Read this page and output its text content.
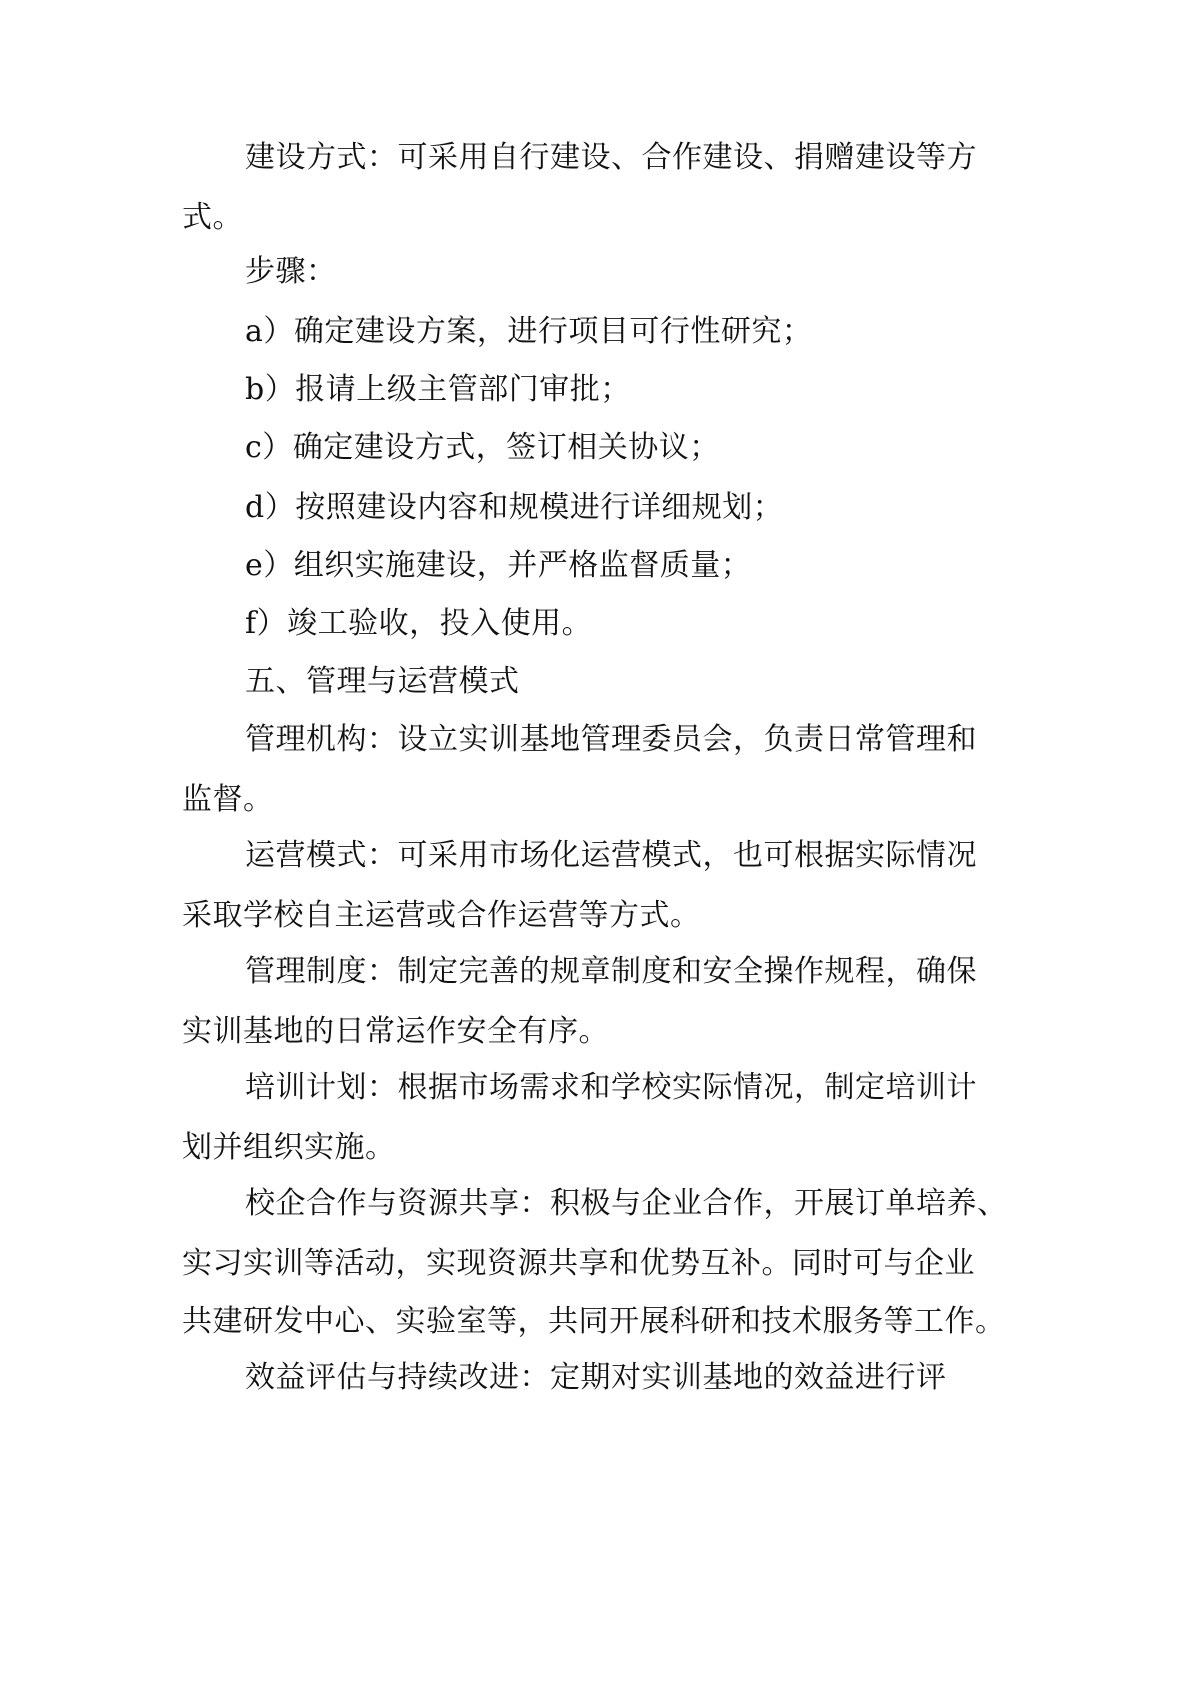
建设方式：可采用自行建设、合作建设、捐赠建设等方
式。
步骤：
a）确定建设方案，进行项目可行性研究；
b）报请上级主管部门审批；
c）确定建设方式，签订相关协议；
d）按照建设内容和规模进行详细规划；
e）组织实施建设，并严格监督质量；
f）竣工验收，投入使用。
五、管理与运营模式
管理机构：设立实训基地管理委员会，负责日常管理和
监督。
运营模式：可采用市场化运营模式，也可根据实际情况
采取学校自主运营或合作运营等方式。
管理制度：制定完善的规章制度和安全操作规程，确保
实训基地的日常运作安全有序。
培训计划：根据市场需求和学校实际情况，制定培训计
划并组织实施。
校企合作与资源共享：积极与企业合作，开展订单培养、
实习实训等活动，实现资源共享和优势互补。同时可与企业
共建研发中心、实验室等，共同开展科研和技术服务等工作。
效益评估与持续改进：定期对实训基地的效益进行评
